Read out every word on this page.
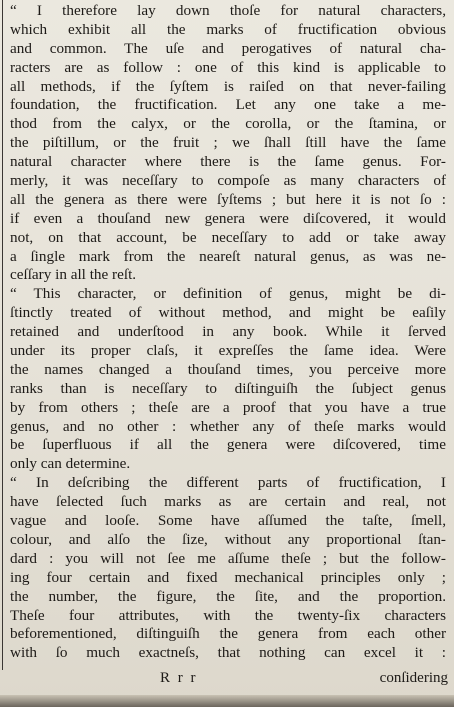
“ I therefore lay down thoſe for natural characters,
which exhibit all the marks of fructification obvious
and common. The uſe and perogatives of natural cha-
racters are as follow : one of this kind is applicable to
all methods, if the ſyſtem is raiſed on that never-failing
foundation, the fructification. Let any one take a me-
thod from the calyx, or the corolla, or the ſtamina, or
the piſtillum, or the fruit ; we ſhall ſtill have the ſame
natural character where there is the ſame genus. For-
merly, it was neceſſary to compoſe as many characters of
all the genera as there were ſyſtems ; but here it is not ſo :
if even a thouſand new genera were diſcovered, it would
not, on that account, be neceſſary to add or take away
a ſingle mark from the neareſt natural genus, as was ne-
ceſſary in all the reſt.
“ This character, or definition of genus, might be di-
ſtinctly treated of without method, and might be eaſily
retained and underſtood in any book. While it ſerved
under its proper claſs, it expreſſes the ſame idea. Were
the names changed a thouſand times, you perceive more
ranks than is neceſſary to diſtinguiſh the ſubject genus
by from others ; theſe are a proof that you have a true
genus, and no other : whether any of theſe marks would
be ſuperfluous if all the genera were diſcovered, time
only can determine.
“ In deſcribing the different parts of fructification, I
have ſelected ſuch marks as are certain and real, not
vague and looſe. Some have aſſumed the taſte, ſmell,
colour, and alſo the ſize, without any proportional ſtan-
dard : you will not ſee me aſſume theſe ; but the follow-
ing four certain and fixed mechanical principles only ;
the number, the figure, the ſite, and the proportion.
Theſe four attributes, with the twenty-ſix characters
beforementioned, diſtinguiſh the genera from each other
with ſo much exactneſs, that nothing can excel it :
R r r	conſidering
